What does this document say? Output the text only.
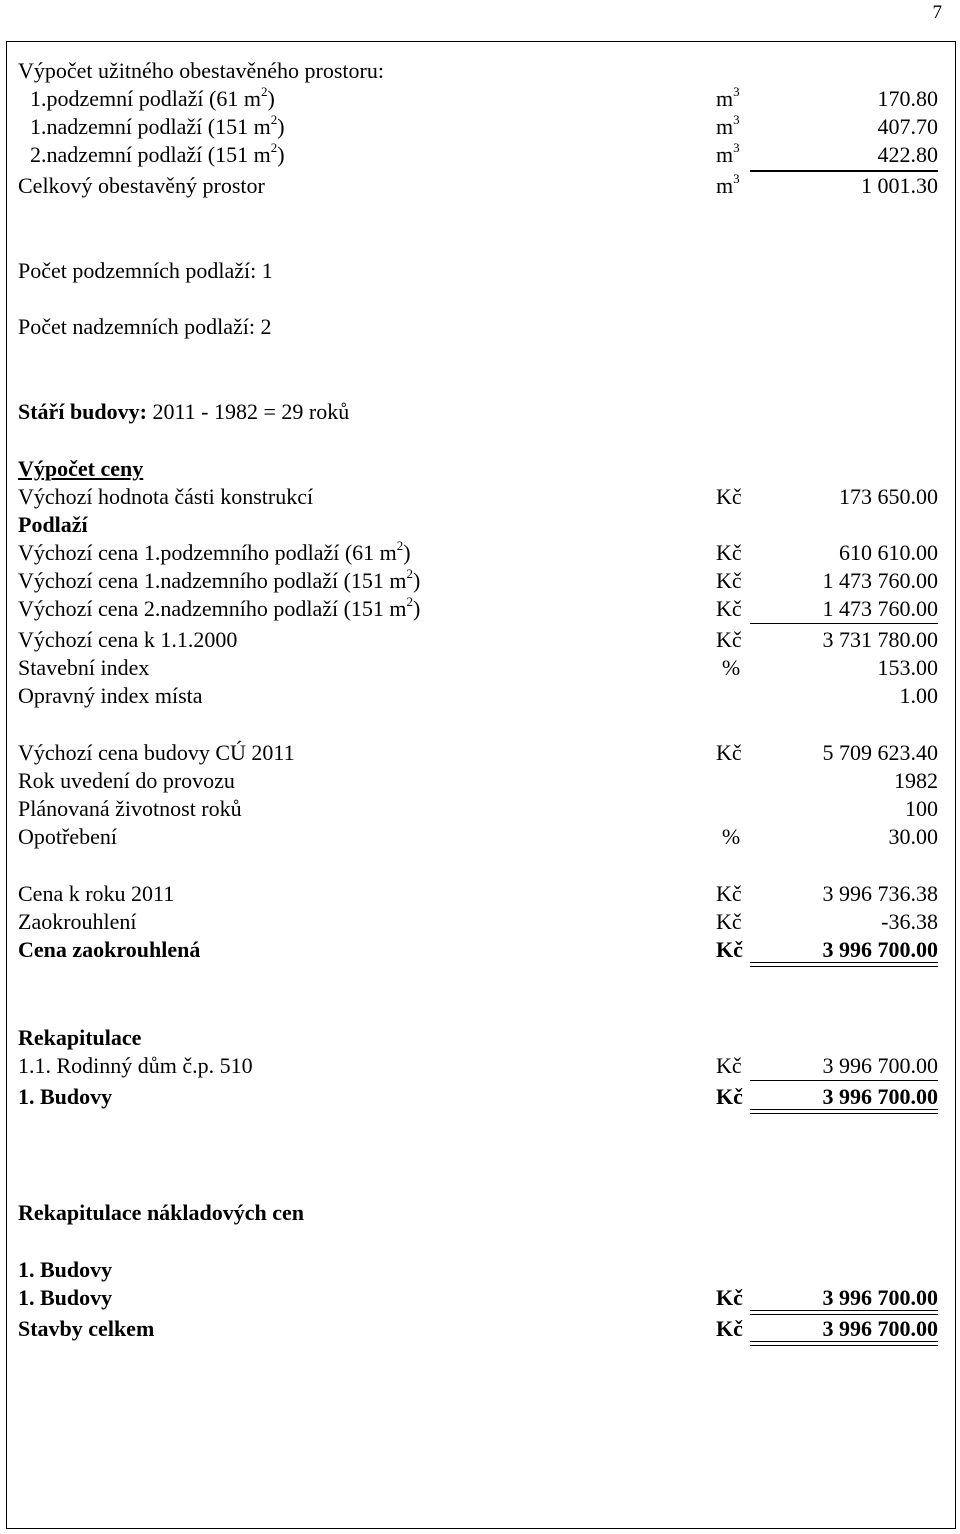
7
Výpočet užitného obestavěného prostoru:
1.podzemní podlaží (61 $m^2$)	$m^3$	170.80
1.nadzemní podlaží (151 $m^2$)	$m^3$	407.70
2.nadzemní podlaží (151 $m^2$)	$m^3$	422.80
Celkový obestavěný prostor	$m^3$	1 001.30
Počet podzemních podlaží: 1
Počet nadzemních podlaží: 2
Stáří budovy: 2011 - 1982 = 29 roků
Výpočet ceny
Výchozí hodnota části konstrukcí	Kč	173 650.00
Podlaží
Výchozí cena 1.podzemního podlaží (61 $m^2$)	Kč	610 610.00
Výchozí cena 1.nadzemního podlaží (151 $m^2$)	Kč	1 473 760.00
Výchozí cena 2.nadzemního podlaží (151 $m^2$)	Kč	1 473 760.00
Výchozí cena k 1.1.2000	Kč	3 731 780.00
Stavební index	%	153.00
Opravný index místa	1.00
Výchozí cena budovy CÚ 2011	Kč	5 709 623.40
Rok uvedení do provozu	1982
Plánovaná životnost roků	100
Opotřebení	%	30.00
Cena k roku 2011	Kč	3 996 736.38
Zaokrouhlení	Kč	-36.38
Cena zaokrouhlená	Kč	3 996 700.00
Rekapitulace
1.1. Rodinný dům č.p. 510	Kč	3 996 700.00
1. Budovy	Kč	3 996 700.00
Rekapitulace nákladových cen
1. Budovy
1. Budovy	Kč	3 996 700.00
Stavby celkem	Kč	3 996 700.00
